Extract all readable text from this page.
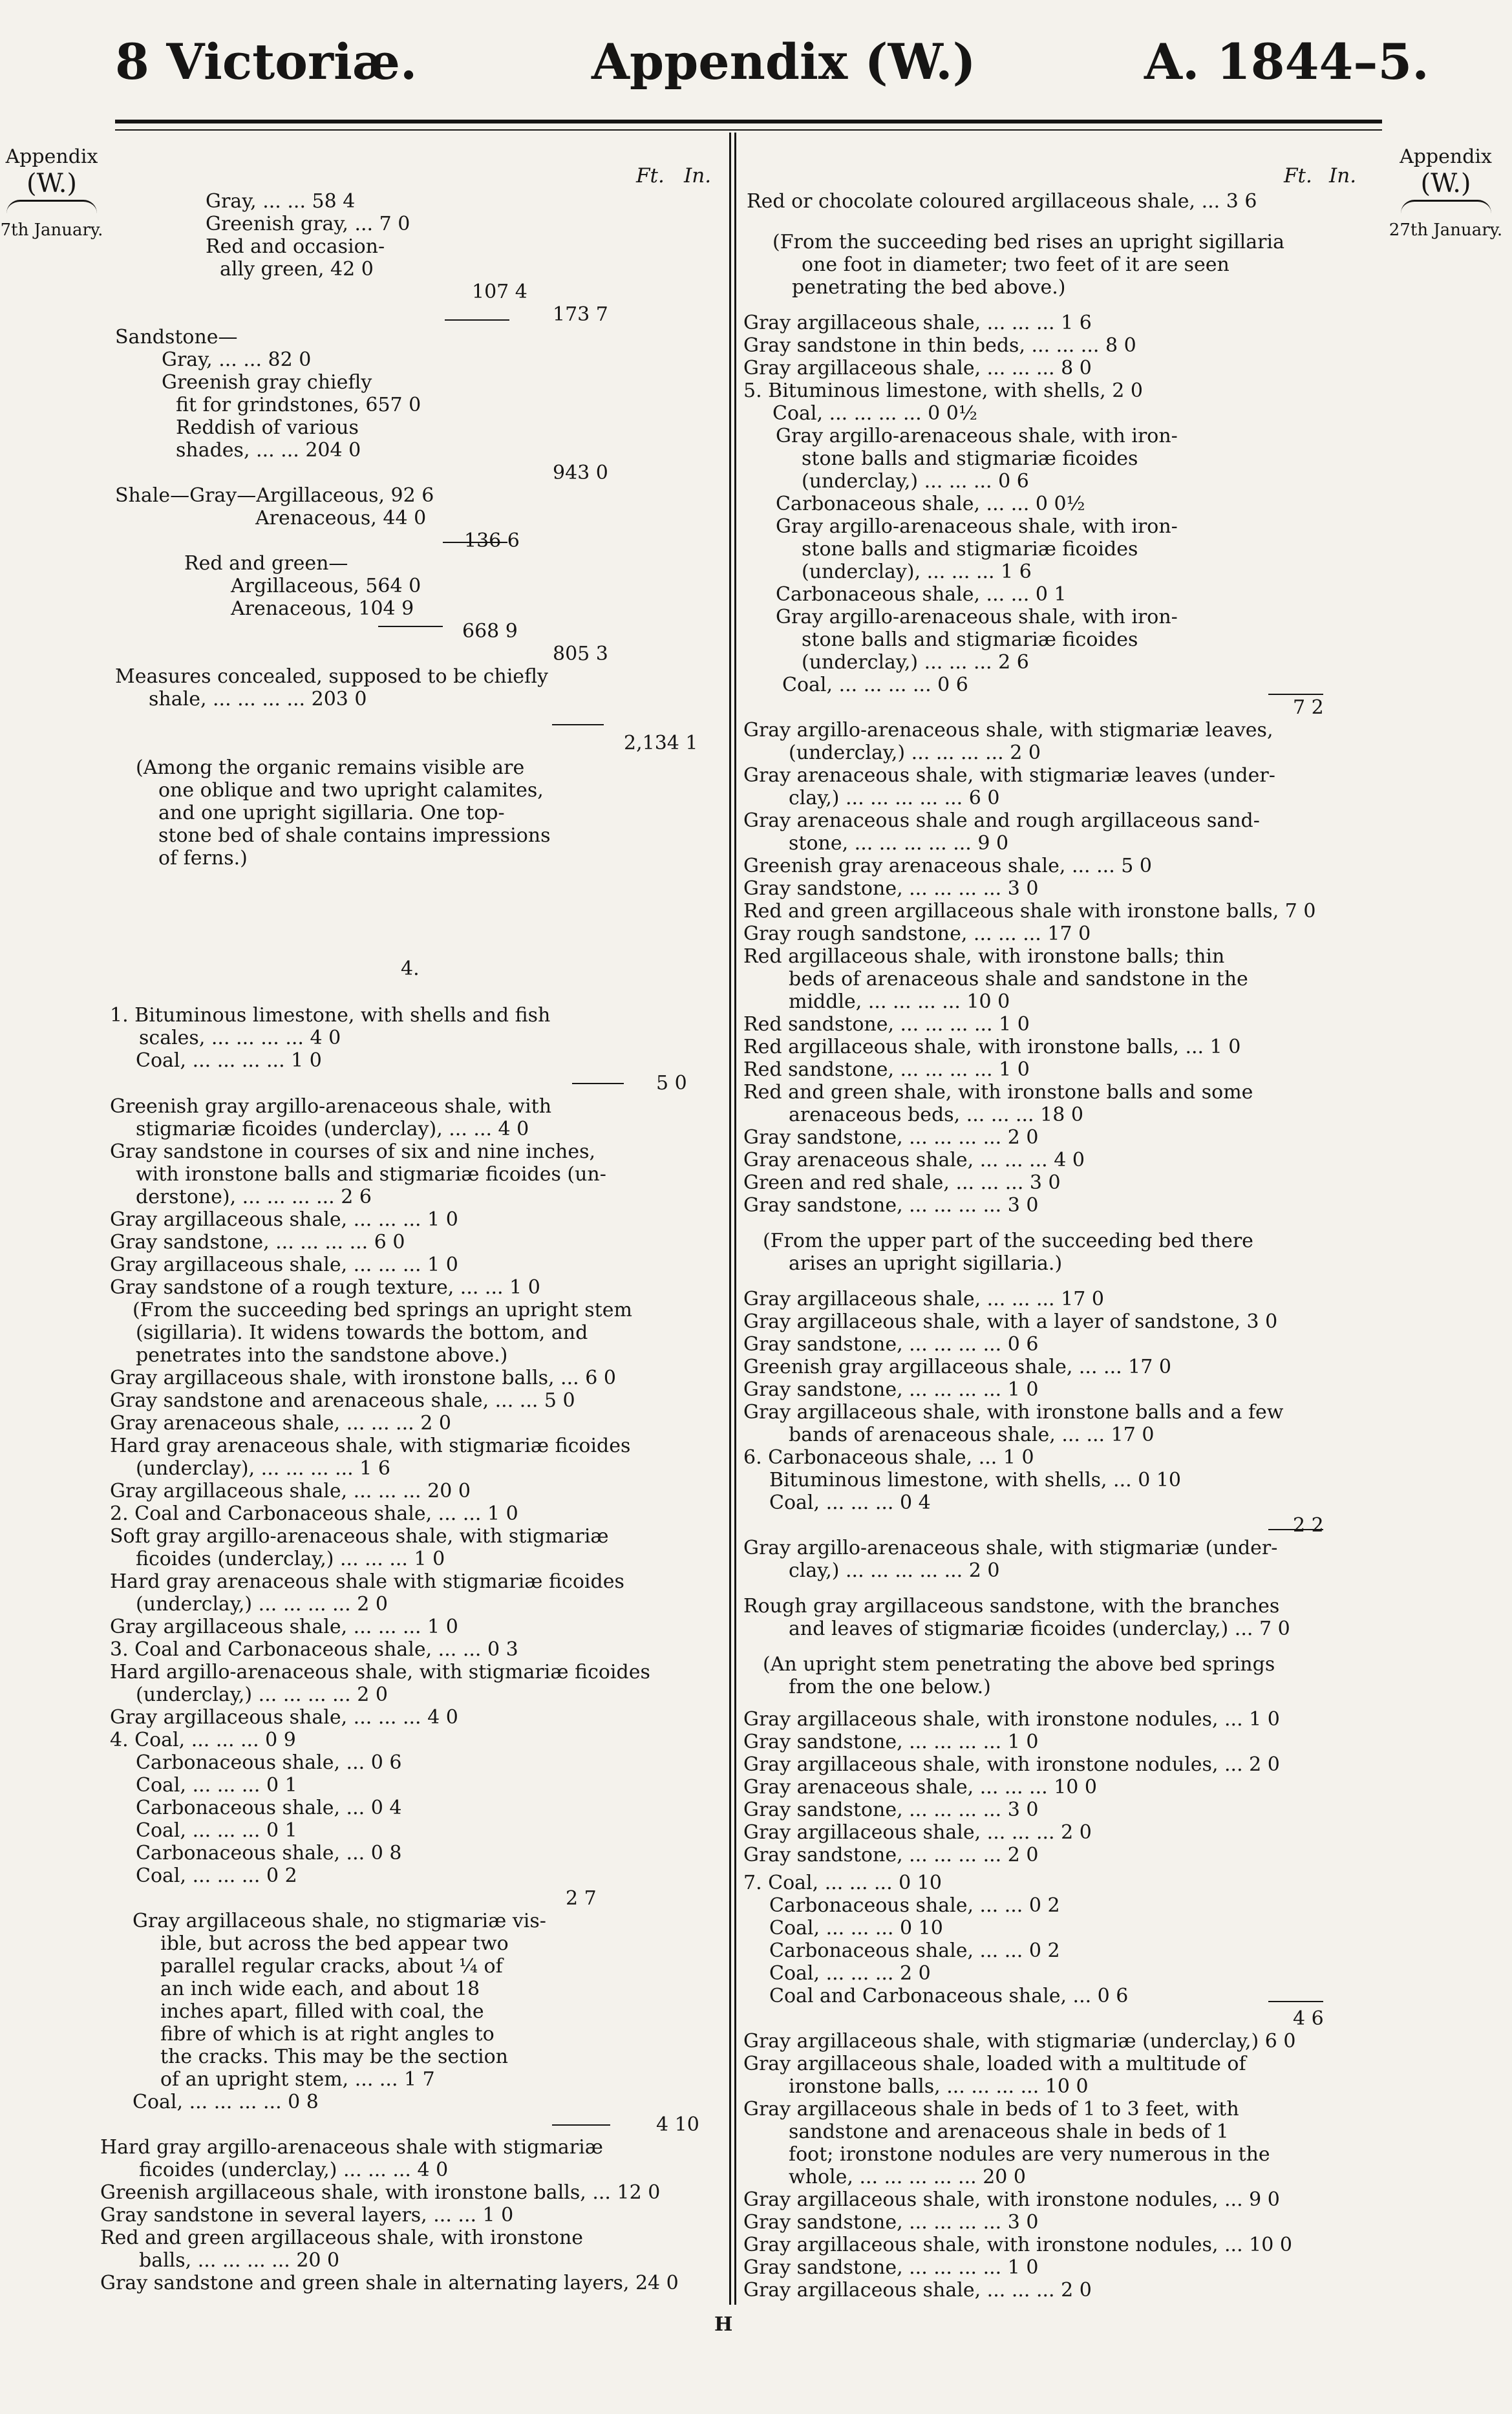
8 Victoriæ.	Appendix (W.)	A. 1844–5.
Appendix
(W.)
7th January.
Appendix
(W.)
27th January.
Ft. In.	Ft. In.
Gray, ... ... 58 4
Greenish gray, ... 7 0
Red and occasion-
ally green, 42 0
107 4
173 7
Sandstone—
Gray, ... ... 82 0
Greenish gray chiefly
fit for grindstones, 657 0
Reddish of various
shades, ... ... 204 0
943 0
Shale—Gray—Argillaceous, 92 6
Arenaceous, 44 0
136 6
Red and green—
Argillaceous, 564 0
Arenaceous, 104 9
668 9
805 3
Measures concealed, supposed to be chiefly
shale, ... ... ... ... 203 0
2,134 1
(Among the organic remains visible are
one oblique and two upright calamites,
and one upright sigillaria. One top-
stone bed of shale contains impressions
of ferns.)
4.
1. Bituminous limestone, with shells and fish
scales, ... ... ... ... 4 0
Coal, ... ... ... ... 1 0
5 0
Greenish gray argillo-arenaceous shale, with
stigmariæ ficoides (underclay), ... ... 4 0
Gray sandstone in courses of six and nine inches,
with ironstone balls and stigmariæ ficoides (un-
derstone), ... ... ... ... 2 6
Gray argillaceous shale, ... ... ... 1 0
Gray sandstone, ... ... ... ... 6 0
Gray argillaceous shale, ... ... ... 1 0
Gray sandstone of a rough texture, ... ... 1 0
(From the succeeding bed springs an upright stem
(sigillaria). It widens towards the bottom, and
penetrates into the sandstone above.)
Gray argillaceous shale, with ironstone balls, ... 6 0
Gray sandstone and arenaceous shale, ... ... 5 0
Gray arenaceous shale, ... ... ... 2 0
Hard gray arenaceous shale, with stigmariæ ficoides
(underclay), ... ... ... ... 1 6
Gray argillaceous shale, ... ... ... 20 0
2. Coal and Carbonaceous shale, ... ... 1 0
Soft gray argillo-arenaceous shale, with stigmariæ
ficoides (underclay,) ... ... ... 1 0
Hard gray arenaceous shale with stigmariæ ficoides
(underclay,) ... ... ... ... 2 0
Gray argillaceous shale, ... ... ... 1 0
3. Coal and Carbonaceous shale, ... ... 0 3
Hard argillo-arenaceous shale, with stigmariæ ficoides
(underclay,) ... ... ... ... 2 0
Gray argillaceous shale, ... ... ... 4 0
4. Coal, ... ... ... 0 9
Carbonaceous shale, ... 0 6
Coal, ... ... ... 0 1
Carbonaceous shale, ... 0 4
Coal, ... ... ... 0 1
Carbonaceous shale, ... 0 8
Coal, ... ... ... 0 2
2 7
Gray argillaceous shale, no stigmariæ vis-
ible, but across the bed appear two
parallel regular cracks, about ¼ of
an inch wide each, and about 18
inches apart, filled with coal, the
fibre of which is at right angles to
the cracks. This may be the section
of an upright stem, ... ... 1 7
Coal, ... ... ... ... 0 8
4 10
Hard gray argillo-arenaceous shale with stigmariæ
ficoides (underclay,) ... ... ... 4 0
Greenish argillaceous shale, with ironstone balls, ... 12 0
Gray sandstone in several layers, ... ... 1 0
Red and green argillaceous shale, with ironstone
balls, ... ... ... ... 20 0
Gray sandstone and green shale in alternating layers, 24 0
Red or chocolate coloured argillaceous shale, ... 3 6
(From the succeeding bed rises an upright sigillaria
one foot in diameter; two feet of it are seen
penetrating the bed above.)
Gray argillaceous shale, ... ... ... 1 6
Gray sandstone in thin beds, ... ... ... 8 0
Gray argillaceous shale, ... ... ... 8 0
5. Bituminous limestone, with shells, 2 0
Coal, ... ... ... ... 0 0½
Gray argillo-arenaceous shale, with iron-
stone balls and stigmariæ ficoides
(underclay,) ... ... ... 0 6
Carbonaceous shale, ... ... 0 0½
Gray argillo-arenaceous shale, with iron-
stone balls and stigmariæ ficoides
(underclay), ... ... ... 1 6
Carbonaceous shale, ... ... 0 1
Gray argillo-arenaceous shale, with iron-
stone balls and stigmariæ ficoides
(underclay,) ... ... ... 2 6
Coal, ... ... ... ... 0 6
7 2
Gray argillo-arenaceous shale, with stigmariæ leaves,
(underclay,) ... ... ... ... 2 0
Gray arenaceous shale, with stigmariæ leaves (under-
clay,) ... ... ... ... ... 6 0
Gray arenaceous shale and rough argillaceous sand-
stone, ... ... ... ... ... 9 0
Greenish gray arenaceous shale, ... ... 5 0
Gray sandstone, ... ... ... ... 3 0
Red and green argillaceous shale with ironstone balls, 7 0
Gray rough sandstone, ... ... ... 17 0
Red argillaceous shale, with ironstone balls; thin
beds of arenaceous shale and sandstone in the
middle, ... ... ... ... 10 0
Red sandstone, ... ... ... ... 1 0
Red argillaceous shale, with ironstone balls, ... 1 0
Red sandstone, ... ... ... ... 1 0
Red and green shale, with ironstone balls and some
arenaceous beds, ... ... ... 18 0
Gray sandstone, ... ... ... ... 2 0
Gray arenaceous shale, ... ... ... 4 0
Green and red shale, ... ... ... 3 0
Gray sandstone, ... ... ... ... 3 0
(From the upper part of the succeeding bed there
arises an upright sigillaria.)
Gray argillaceous shale, ... ... ... 17 0
Gray argillaceous shale, with a layer of sandstone, 3 0
Gray sandstone, ... ... ... ... 0 6
Greenish gray argillaceous shale, ... ... 17 0
Gray sandstone, ... ... ... ... 1 0
Gray argillaceous shale, with ironstone balls and a few
bands of arenaceous shale, ... ... 17 0
6. Carbonaceous shale, ... 1 0
Bituminous limestone, with shells, ... 0 10
Coal, ... ... ... 0 4
2 2
Gray argillo-arenaceous shale, with stigmariæ (under-
clay,) ... ... ... ... ... 2 0
Rough gray argillaceous sandstone, with the branches
and leaves of stigmariæ ficoides (underclay,) ... 7 0
(An upright stem penetrating the above bed springs
from the one below.)
Gray argillaceous shale, with ironstone nodules, ... 1 0
Gray sandstone, ... ... ... ... 1 0
Gray argillaceous shale, with ironstone nodules, ... 2 0
Gray arenaceous shale, ... ... ... 10 0
Gray sandstone, ... ... ... ... 3 0
Gray argillaceous shale, ... ... ... 2 0
Gray sandstone, ... ... ... ... 2 0
7. Coal, ... ... ... 0 10
Carbonaceous shale, ... ... 0 2
Coal, ... ... ... 0 10
Carbonaceous shale, ... ... 0 2
Coal, ... ... ... 2 0
Coal and Carbonaceous shale, ... 0 6
4 6
Gray argillaceous shale, with stigmariæ (underclay,) 6 0
Gray argillaceous shale, loaded with a multitude of
ironstone balls, ... ... ... ... 10 0
Gray argillaceous shale in beds of 1 to 3 feet, with
sandstone and arenaceous shale in beds of 1
foot; ironstone nodules are very numerous in the
whole, ... ... ... ... ... 20 0
Gray argillaceous shale, with ironstone nodules, ... 9 0
Gray sandstone, ... ... ... ... 3 0
Gray argillaceous shale, with ironstone nodules, ... 10 0
Gray sandstone, ... ... ... ... 1 0
Gray argillaceous shale, ... ... ... 2 0
H
